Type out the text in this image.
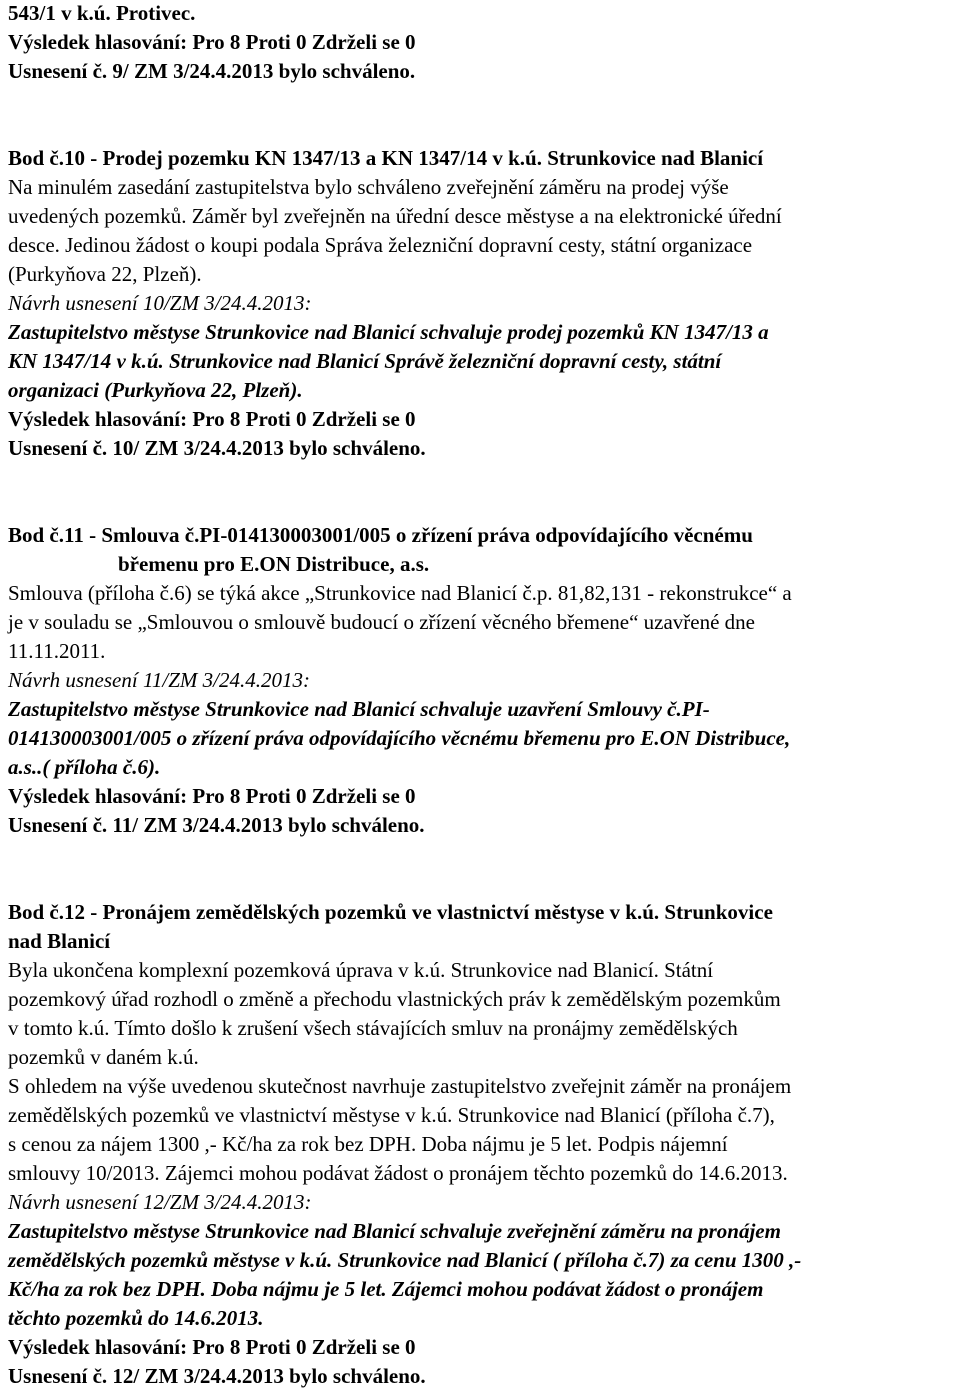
543/1 v k.ú. Protivec.
Výsledek hlasování: Pro 8 Proti 0 Zdrželi se 0
Usnesení č. 9/ ZM 3/24.4.2013 bylo schváleno.
Bod č.10 - Prodej pozemku KN 1347/13 a KN 1347/14 v k.ú. Strunkovice nad Blanicí
Na minulém zasedání zastupitelstva bylo schváleno zveřejnění záměru na prodej výše
uvedených pozemků. Záměr byl zveřejněn na úřední desce městyse a na elektronické úřední
desce. Jedinou žádost o koupi podala Správa železniční dopravní cesty, státní organizace
(Purkyňova 22, Plzeň).
Návrh usnesení 10/ZM 3/24.4.2013:
Zastupitelstvo městyse Strunkovice nad Blanicí schvaluje prodej pozemků KN 1347/13 a
KN 1347/14 v k.ú. Strunkovice nad Blanicí Správě železniční dopravní cesty, státní
organizaci (Purkyňova 22, Plzeň).
Výsledek hlasování: Pro 8 Proti 0 Zdrželi se 0
Usnesení č. 10/ ZM 3/24.4.2013 bylo schváleno.
Bod č.11 - Smlouva č.PI-014130003001/005 o zřízení práva odpovídajícího věcnému
břemenu pro E.ON Distribuce, a.s.
Smlouva (příloha č.6) se týká akce „Strunkovice nad Blanicí č.p. 81,82,131 - rekonstrukce“ a
je v souladu se „Smlouvou o smlouvě budoucí o zřízení věcného břemene“ uzavřené dne
11.11.2011.
Návrh usnesení 11/ZM 3/24.4.2013:
Zastupitelstvo městyse Strunkovice nad Blanicí schvaluje uzavření Smlouvy č.PI-
014130003001/005 o zřízení práva odpovídajícího věcnému břemenu pro E.ON Distribuce,
a.s..( příloha č.6).
Výsledek hlasování: Pro 8 Proti 0 Zdrželi se 0
Usnesení č. 11/ ZM 3/24.4.2013 bylo schváleno.
Bod č.12 - Pronájem zemědělských pozemků ve vlastnictví městyse v k.ú. Strunkovice
nad Blanicí
Byla ukončena komplexní pozemková úprava v k.ú. Strunkovice nad Blanicí. Státní
pozemkový úřad rozhodl o změně a přechodu vlastnických práv k zemědělským pozemkům
v tomto k.ú. Tímto došlo k zrušení všech stávajících smluv na pronájmy zemědělských
pozemků v daném k.ú.
S ohledem na výše uvedenou skutečnost navrhuje zastupitelstvo zveřejnit záměr na pronájem
zemědělských pozemků ve vlastnictví městyse v k.ú. Strunkovice nad Blanicí (příloha č.7),
s cenou za nájem 1300 ,- Kč/ha za rok bez DPH. Doba nájmu je 5 let. Podpis nájemní
smlouvy 10/2013. Zájemci mohou podávat žádost o pronájem těchto pozemků do 14.6.2013.
Návrh usnesení 12/ZM 3/24.4.2013:
Zastupitelstvo městyse Strunkovice nad Blanicí schvaluje zveřejnění záměru na pronájem
zemědělských pozemků městyse v k.ú. Strunkovice nad Blanicí ( příloha č.7) za cenu 1300 ,-
Kč/ha za rok bez DPH. Doba nájmu je 5 let. Zájemci mohou podávat žádost o pronájem
těchto pozemků do 14.6.2013.
Výsledek hlasování: Pro 8 Proti 0 Zdrželi se 0
Usnesení č. 12/ ZM 3/24.4.2013 bylo schváleno.
